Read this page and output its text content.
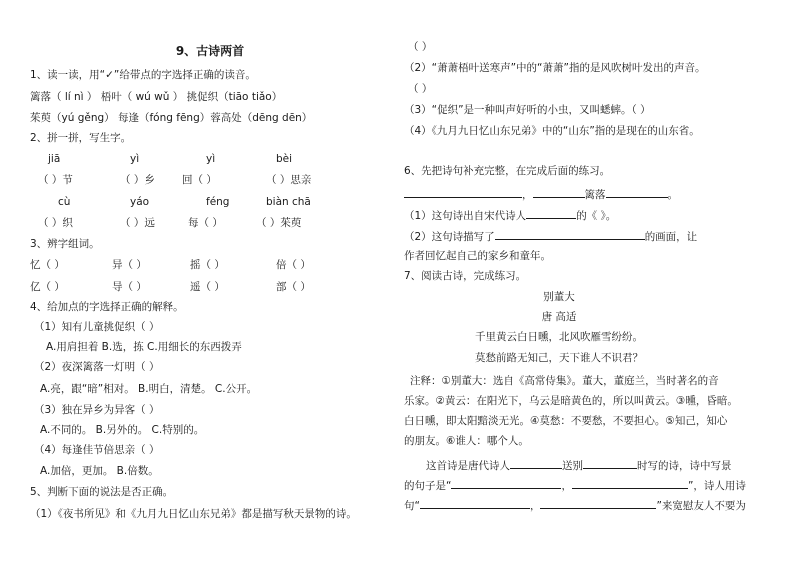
9、古诗两首
1、读一读，用“✓”给带点的字选择正确的读音。
篱落（ lí nì ） 梧叶（ wú wǔ ） 挑促织（tiāo tiǎo）
茱萸（yú gěng） 每逢（fóng fēng）蓉高处（dēng dēn）
2、拼一拼，写生字。
jiā	yì	yì	bèi
（ ）节	（ ）乡	回（ ）	（ ）思亲
cù	yáo	féng	biàn chā
（ ）织	（ ）远	每（ ）	（ ）茱萸
3、辨字组词。
忆（ ）	异（ ）	摇（ ）	倍（ ）
亿（ ）	导（ ）	遥（ ）	部（ ）
4、给加点的字选择正确的解释。
（1）知有儿童挑促织（ ）
A.用肩担着 B.选，拣 C.用细长的东西拨弄
（2）夜深篱落一灯明（ ）
A.亮，跟“暗”相对。 B.明白，清楚。 C.公开。
（3）独在异乡为异客（ ）
A.不同的。 B.另外的。 C.特别的。
（4）每逢佳节倍思亲（ ）
A.加倍，更加。 B.倍数。
5、判断下面的说法是否正确。
（1）《夜书所见》和《九月九日忆山东兄弟》都是描写秋天景物的诗。
（ ）
（2）“萧萧梧叶送寒声”中的“萧萧”指的是风吹树叶发出的声音。
（ ）
（3）“促织”是一种叫声好听的小虫，又叫蟋蟀。（ ）
（4）《九月九日忆山东兄弟》中的“山东”指的是现在的山东省。
6、先把诗句补充完整，在完成后面的练习。
，	篱落	。
（1）这句诗出自宋代诗人	的《 》。
（2）这句诗描写了	的画面，让
作者回忆起自己的家乡和童年。
7、阅读古诗，完成练习。
别董大
唐 高适
千里黄云白日曛，北风吹雁雪纷纷。
莫愁前路无知己，天下谁人不识君？
注释：①别董大：选自《高常侍集》。董大，董庭兰，当时著名的音
乐家。②黄云：在阳光下，乌云是暗黄色的，所以叫黄云。③曛，昏暗。
白日曛，即太阳黯淡无光。④莫愁：不要愁，不要担心。⑤知己，知心
的朋友。⑥谁人：哪个人。
这首诗是唐代诗人	送别	时写的诗，诗中写景
的句子是“	，	”，诗人用诗
句“	，	”来宽慰友人不要为
